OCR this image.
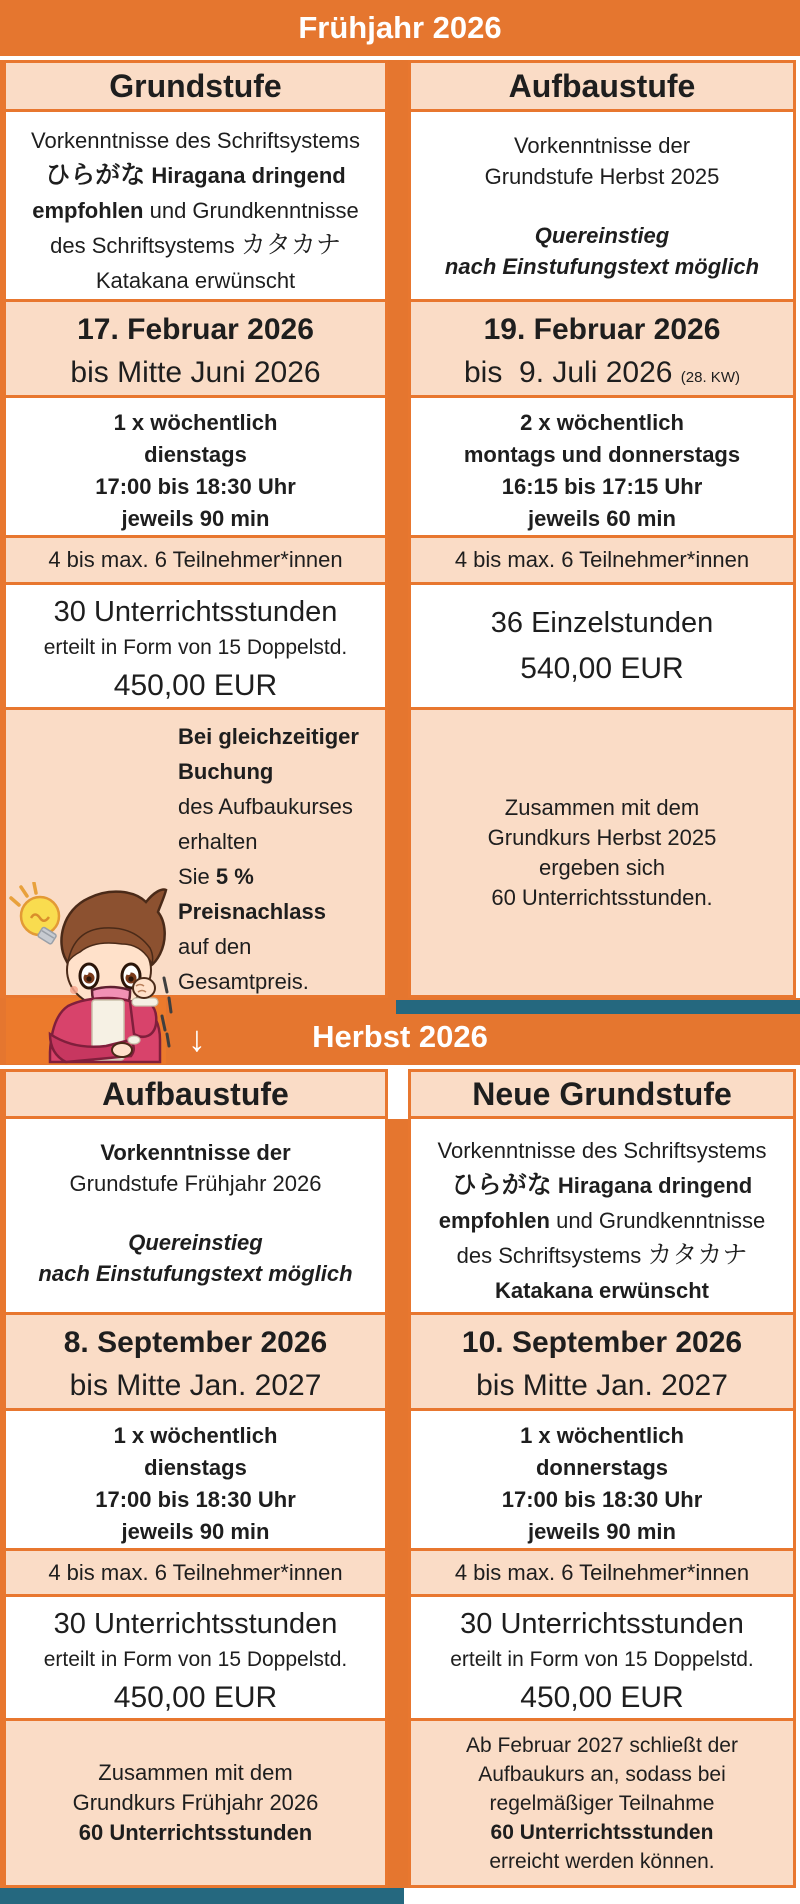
Frühjahr 2026
Grundstufe
Vorkenntnisse des Schriftsystems
ひらがな Hiragana dringend
empfohlen und Grundkenntnisse
des Schriftsystems カタカナ
Katakana erwünscht
17. Februar 2026
bis Mitte Juni 2026
1 x wöchentlich
dienstags
17:00 bis 18:30 Uhr
jeweils 90 min
4 bis max. 6 Teilnehmer*innen
30 Unterrichtsstunden
erteilt in Form von 15 Doppelstd.
450,00 EUR
Bei gleichzeitiger
Buchung
des Aufbaukurses
erhalten
Sie 5 %
Preisnachlass
auf den
Gesamtpreis.
Aufbaustufe
Vorkenntnisse der
Grundstufe Herbst 2025
Quereinstieg
nach Einstufungstext möglich
19. Februar 2026
bis  9. Juli 2026 (28. KW)
2 x wöchentlich
montags und donnerstags
16:15 bis 17:15 Uhr
jeweils 60 min
4 bis max. 6 Teilnehmer*innen
36 Einzelstunden
540,00 EUR
Zusammen mit dem
Grundkurs Herbst 2025
ergeben sich
60 Unterrichtsstunden.
Herbst 2026
↓
Aufbaustufe
Vorkenntnisse der
Grundstufe Frühjahr 2026
Quereinstieg
nach Einstufungstext möglich
8. September 2026
bis Mitte Jan. 2027
1 x wöchentlich
dienstags
17:00 bis 18:30 Uhr
jeweils 90 min
4 bis max. 6 Teilnehmer*innen
30 Unterrichtsstunden
erteilt in Form von 15 Doppelstd.
450,00 EUR
Zusammen mit dem
Grundkurs Frühjahr 2026
60 Unterrichtsstunden
Neue Grundstufe
Vorkenntnisse des Schriftsystems
ひらがな Hiragana dringend
empfohlen und Grundkenntnisse
des Schriftsystems カタカナ
Katakana erwünscht
10. September 2026
bis Mitte Jan. 2027
1 x wöchentlich
donnerstags
17:00 bis 18:30 Uhr
jeweils 90 min
4 bis max. 6 Teilnehmer*innen
30 Unterrichtsstunden
erteilt in Form von 15 Doppelstd.
450,00 EUR
Ab Februar 2027 schließt der
Aufbaukurs an, sodass bei
regelmäßiger Teilnahme
60 Unterrichtsstunden
erreicht werden können.
